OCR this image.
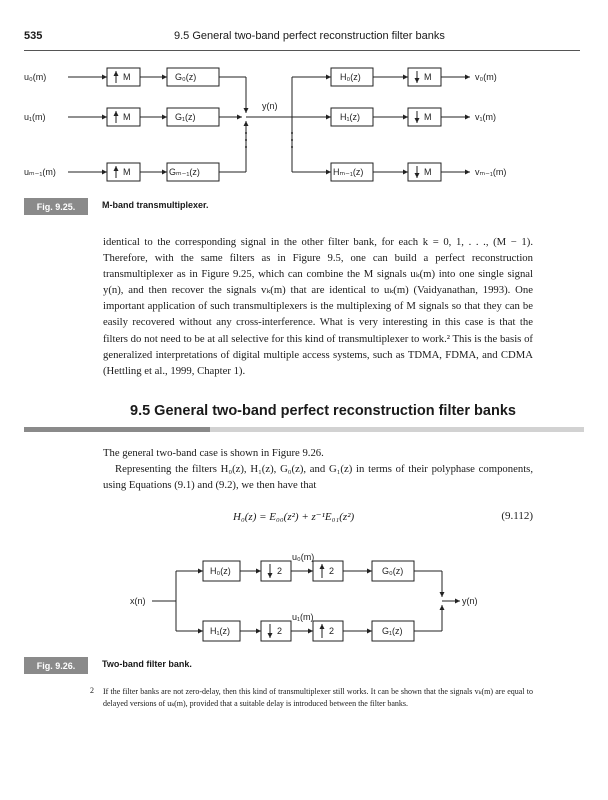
535	9.5 General two-band perfect reconstruction filter banks
u₀(m)
u₁(m)
uₘ₋₁(m)
M
M
M
G₀(z)
G₁(z)
Gₘ₋₁(z)
y(n)
H₀(z)
H₁(z)
Hₘ₋₁(z)
M
M
M
v₀(m)
v₁(m)
vₘ₋₁(m)
Fig. 9.25.	M-band transmultiplexer.

identical to the corresponding signal in the other filter bank, for each k = 0, 1, . . ., (M − 1). Therefore, with the same filters as in Figure 9.5, one can build a perfect reconstruction transmultiplexer as in Figure 9.25, which can combine the M signals uₖ(m) into one single signal y(n), and then recover the signals vₖ(m) that are identical to uₖ(m) (Vaidyanathan, 1993). One important application of such transmultiplexers is the multiplexing of M signals so that they can be easily recovered without any cross-interference. What is very interesting in this case is that the filters do not need to be at all selective for this kind of transmultiplexer to work.² This is the basis of generalized interpretations of digital multiple access systems, such as TDMA, FDMA, and CDMA (Hettling et al., 1999, Chapter 1).

9.5 General two-band perfect reconstruction filter banks

The general two-band case is shown in Figure 9.26.

Representing the filters H₀(z), H₁(z), G₀(z), and G₁(z) in terms of their polyphase components, using Equations (9.1) and (9.2), we then have that

H₀(z) = E₀₀(z²) + z⁻¹E₀₁(z²)	(9.112)
x(n)	y(n)
H₀(z)
H₁(z)
2
2
2
2
u₀(m)
u₁(m)
G₀(z)
G₁(z)
Fig. 9.26.	Two-band filter bank.
2 If the filter banks are not zero-delay, then this kind of transmultiplexer still works. It can be shown that the signals vₖ(m) are equal to delayed versions of uₖ(m), provided that a suitable delay is introduced between the filter banks.
